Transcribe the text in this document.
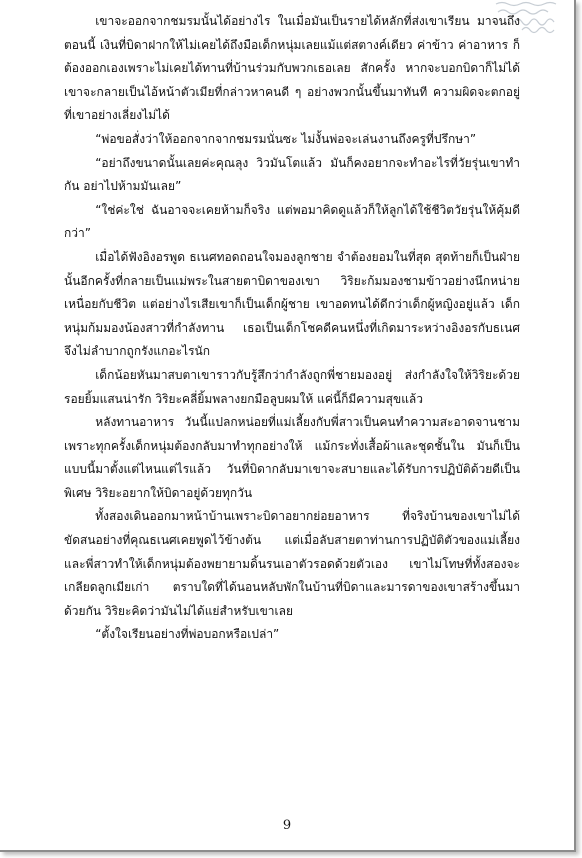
เขาจะออกจากชมรมนั้นได้อย่างไร ในเมื่อมันเป็นรายได้หลักที่ส่งเขาเรียน มาจนถึงตอนนี้ เงินที่บิดาฝากให้ไม่เคยได้ถึงมือเด็กหนุ่มเลยแม้แต่สตางค์เดียว ค่าข้าว ค่าอาหาร ก็ต้องออกเองเพราะไม่เคยได้ทานที่บ้านร่วมกับพวกเธอเลย สักครั้ง หากจะบอกบิดาก็ไม่ได้ เขาจะกลายเป็นไอ้หน้าตัวเมียที่กล่าวหาคนดี ๆ อย่างพวกนั้นขึ้นมาทันที ความผิดจะตกอยู่ที่เขาอย่างเลี่ยงไม่ได้

“พ่อขอสั่งว่าให้ออกจากจากชมรมนั่นซะ ไม่งั้นพ่อจะเล่นงานถึงครูที่ปรึกษา”

“อย่าถึงขนาดนั้นเลยค่ะคุณลุง วิวมันโตแล้ว มันก็คงอยากจะทำอะไรที่วัยรุ่นเขาทำกัน อย่าไปห้ามมันเลย”

“ใช่ค่ะใช่ ฉันอาจจะเคยห้ามก็จริง แต่พอมาคิดดูแล้วก็ให้ลูกได้ใช้ชีวิตวัยรุ่นให้คุ้มดีกว่า”

เมื่อได้ฟังอิงอรพูด ธเนศทอดถอนใจมองลูกชาย จำต้องยอมในที่สุด สุดท้ายก็เป็นฝ่ายนั้นอีกครั้งที่กลายเป็นแม่พระในสายตาบิดาของเขา วิริยะก้มมองชามข้าวอย่างนึกหน่ายเหนื่อยกับชีวิต แต่อย่างไรเสียเขาก็เป็นเด็กผู้ชาย เขาอดทนได้ดีกว่าเด็กผู้หญิงอยู่แล้ว เด็กหนุ่มก้มมองน้องสาวที่กำลังทาน เธอเป็นเด็กโชคดีคนหนึ่งที่เกิดมาระหว่างอิงอรกับธเนศ จึงไม่ลำบากถูกรังแกอะไรนัก

เด็กน้อยหันมาสบตาเขาราวกับรู้สึกว่ากำลังถูกพี่ชายมองอยู่ ส่งกำลังใจให้วิริยะด้วยรอยยิ้มแสนน่ารัก วิริยะคลี่ยิ้มพลางยกมือลูบผมให้ แค่นี้ก็มีความสุขแล้ว

หลังทานอาหาร วันนี้แปลกหน่อยที่แม่เลี้ยงกับพี่สาวเป็นคนทำความสะอาดจานชาม เพราะทุกครั้งเด็กหนุ่มต้องกลับมาทำทุกอย่างให้ แม้กระทั่งเสื้อผ้าและชุดชั้นใน มันก็เป็นแบบนี้มาตั้งแต่ไหนแต่ไรแล้ว วันที่บิดากลับมาเขาจะสบายและได้รับการปฏิบัติด้วยดีเป็นพิเศษ วิริยะอยากให้บิดาอยู่ด้วยทุกวัน

ทั้งสองเดินออกมาหน้าบ้านเพราะบิดาอยากย่อยอาหาร ที่จริงบ้านของเขาไม่ได้ขัดสนอย่างที่คุณธเนศเคยพูดไว้ข้างต้น แต่เมื่อลับสายตาท่านการปฏิบัติตัวของแม่เลี้ยงและพี่สาวทำให้เด็กหนุ่มต้องพยายามดิ้นรนเอาตัวรอดด้วยตัวเอง เขาไม่โทษที่ทั้งสองจะเกลียดลูกเมียเก่า ตราบใดที่ได้นอนหลับพักในบ้านที่บิดาและมารดาของเขาสร้างขึ้นมาด้วยกัน วิริยะคิดว่ามันไม่ได้แย่สำหรับเขาเลย

“ตั้งใจเรียนอย่างที่พ่อบอกหรือเปล่า”

9
